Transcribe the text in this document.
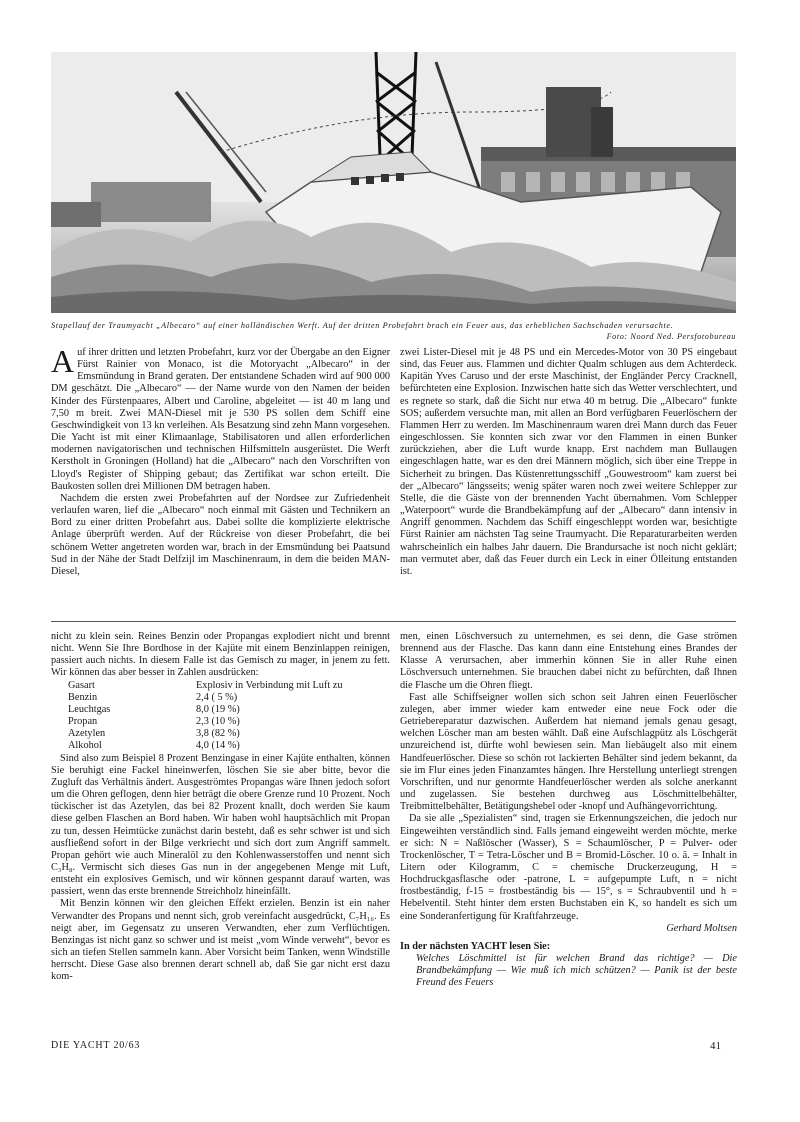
Stapellauf der Traumyacht „Albecaro“ auf einer holländischen Werft. Auf der dritten Probefahrt brach ein Feuer aus, das erheblichen Sachschaden verursachte.
Foto: Noord Ned. Persfotobureau

Auf ihrer dritten und letzten Probefahrt, kurz vor der Übergabe an den Eigner Fürst Rainier von Monaco, ist die Motoryacht „Albecaro“ in der Emsmündung in Brand geraten. Der entstandene Schaden wird auf 900 000 DM geschätzt. Die „Albecaro“ — der Name wurde von den Namen der beiden Kinder des Fürstenpaares, Albert und Caroline, abgeleitet — ist 40 m lang und 7,50 m breit. Zwei MAN-Diesel mit je 530 PS sollen dem Schiff eine Geschwindigkeit von 13 kn verleihen. Als Besatzung sind zehn Mann vorgesehen. Die Yacht ist mit einer Klimaanlage, Stabilisatoren und allen erforderlichen modernen navigatorischen und technischen Hilfsmitteln ausgerüstet. Die Werft Kerstholt in Groningen (Holland) hat die „Albecaro“ nach den Vorschriften von Lloyd's Register of Shipping gebaut; das Zertifikat war schon erteilt. Die Baukosten sollen drei Millionen DM betragen haben.

Nachdem die ersten zwei Probefahrten auf der Nordsee zur Zufriedenheit verlaufen waren, lief die „Albecaro“ noch einmal mit Gästen und Technikern an Bord zu einer dritten Probefahrt aus. Dabei sollte die komplizierte elektrische Anlage überprüft werden. Auf der Rückreise von dieser Probefahrt, die bei schönem Wetter angetreten worden war, brach in der Emsmündung bei Paatsund Sud in der Nähe der Stadt Delfzijl im Maschinenraum, in dem die beiden MAN-Diesel,

zwei Lister-Diesel mit je 48 PS und ein Mercedes-Motor von 30 PS eingebaut sind, das Feuer aus. Flammen und dichter Qualm schlugen aus dem Achterdeck. Kapitän Yves Caruso und der erste Maschinist, der Engländer Percy Cracknell, befürchteten eine Explosion. Inzwischen hatte sich das Wetter verschlechtert, und es regnete so stark, daß die Sicht nur etwa 40 m betrug. Die „Albecaro“ funkte SOS; außerdem versuchte man, mit allen an Bord verfügbaren Feuerlöschern der Flammen Herr zu werden. Im Maschinenraum waren drei Mann durch das Feuer eingeschlossen. Sie konnten sich zwar vor den Flammen in einen Bunker zurückziehen, aber die Luft wurde knapp. Erst nachdem man Bullaugen eingeschlagen hatte, war es den drei Männern möglich, sich über eine Treppe in Sicherheit zu bringen. Das Küstenrettungsschiff „Gouwestroom“ kam zuerst bei der „Albecaro“ längsseits; wenig später waren noch zwei weitere Schlepper zur Stelle, die die Gäste von der brennenden Yacht übernahmen. Vom Schlepper „Waterpoort“ wurde die Brandbekämpfung auf der „Albecaro“ dann intensiv in Angriff genommen. Nachdem das Schiff eingeschleppt worden war, besichtigte Fürst Rainier am nächsten Tag seine Traumyacht. Die Reparaturarbeiten werden wahrscheinlich ein halbes Jahr dauern. Die Brandursache ist noch nicht geklärt; man vermutet aber, daß das Feuer durch ein Leck in einer Ölleitung entstanden ist.

nicht zu klein sein. Reines Benzin oder Propangas explodiert nicht und brennt nicht. Wenn Sie Ihre Bordhose in der Kajüte mit einem Benzinlappen reinigen, passiert auch nichts. In diesem Falle ist das Gemisch zu mager, in jenem zu fett. Wir können das aber besser in Zahlen ausdrücken:

Gasart	Explosiv in Verbindung mit Luft zu
Benzin	2,4 ( 5 %)
Leuchtgas	8,0 (19 %)
Propan	2,3 (10 %)
Azetylen	3,8 (82 %)
Alkohol	4,0 (14 %)

Sind also zum Beispiel 8 Prozent Benzingase in einer Kajüte enthalten, können Sie beruhigt eine Fackel hineinwerfen, löschen Sie sie aber bitte, bevor die Zugluft das Verhältnis ändert. Ausgeströmtes Propangas wäre Ihnen jedoch sofort um die Ohren geflogen, denn hier beträgt die obere Grenze rund 10 Prozent. Noch tückischer ist das Azetylen, das bei 82 Prozent knallt, doch werden Sie kaum diese gelben Flaschen an Bord haben. Wir haben wohl hauptsächlich mit Propan zu tun, dessen Heimtücke zunächst darin besteht, daß es sehr schwer ist und sich ausfließend sofort in der Bilge verkriecht und sich dort zum Angriff sammelt. Propan gehört wie auch Mineralöl zu den Kohlenwasserstoffen und nennt sich C₃H₈. Vermischt sich dieses Gas nun in der angegebenen Menge mit Luft, entsteht ein explosives Gemisch, und wir können gespannt darauf warten, was passiert, wenn das erste brennende Streichholz hineinfällt.

Mit Benzin können wir den gleichen Effekt erzielen. Benzin ist ein naher Verwandter des Propans und nennt sich, grob vereinfacht ausgedrückt, C₇H₁₆. Es neigt aber, im Gegensatz zu unseren Verwandten, eher zum Verflüchtigen. Benzingas ist nicht ganz so schwer und ist meist „vom Winde verweht“, bevor es sich an tiefen Stellen sammeln kann. Aber Vorsicht beim Tanken, wenn Windstille herrscht. Diese Gase also brennen derart schnell ab, daß Sie gar nicht erst dazu kom-

men, einen Löschversuch zu unternehmen, es sei denn, die Gase strömen brennend aus der Flasche. Das kann dann eine Entstehung eines Brandes der Klasse A verursachen, aber immerhin können Sie in aller Ruhe einen Löschversuch unternehmen. Sie brauchen dabei nicht zu befürchten, daß Ihnen die Flasche um die Ohren fliegt.

Fast alle Schiffseigner wollen sich schon seit Jahren einen Feuerlöscher zulegen, aber immer wieder kam entweder eine neue Fock oder die Getriebereparatur dazwischen. Außerdem hat niemand jemals genau gesagt, welchen Löscher man am besten wählt. Daß eine Aufschlagpütz als Löschgerät unzureichend ist, dürfte wohl bewiesen sein. Man liebäugelt also mit einem Handfeuerlöscher. Diese so schön rot lackierten Behälter sind jedem bekannt, da sie im Flur eines jeden Finanzamtes hängen. Ihre Herstellung unterliegt strengen Vorschriften, und nur genormte Handfeuerlöscher werden als solche anerkannt und zugelassen. Sie bestehen durchweg aus Löschmittelbehälter, Treibmittelbehälter, Betätigungshebel oder -knopf und Aufhängevorrichtung.

Da sie alle „Spezialisten“ sind, tragen sie Erkennungszeichen, die jedoch nur Eingeweihten verständlich sind. Falls jemand eingeweiht werden möchte, merke er sich: N = Naßlöscher (Wasser), S = Schaumlöscher, P = Pulver- oder Trockenlöscher, T = Tetra-Löscher und B = Bromid-Löscher. 10 o. ä. = Inhalt in Litern oder Kilogramm, C = chemische Druckerzeugung, H = Hochdruckgasflasche oder -patrone, L = aufgepumpte Luft, n = nicht frostbeständig, f-15 = frostbeständig bis — 15°, s = Schraubventil und h = Hebelventil. Steht hinter dem ersten Buchstaben ein K, so handelt es sich um eine Sonderanfertigung für Kraftfahrzeuge.

Gerhard Moltsen
In der nächsten YACHT lesen Sie:
Welches Löschmittel ist für welchen Brand das richtige? — Die Brandbekämpfung — Wie muß ich mich schützen? — Panik ist der beste Freund des Feuers
DIE YACHT 20/63	41
